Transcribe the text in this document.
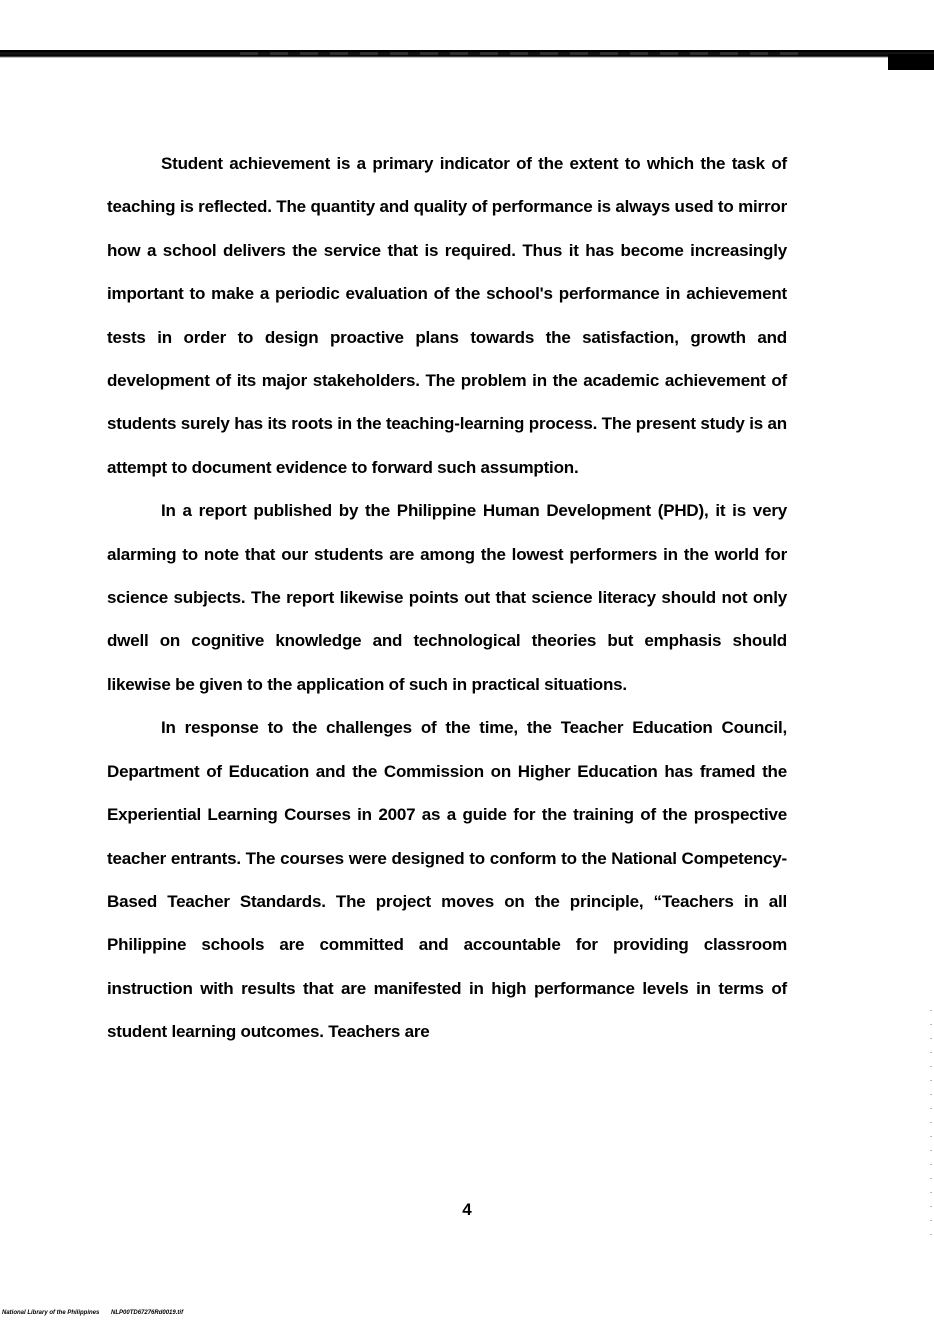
Student achievement is a primary indicator of the extent to which the task of teaching is reflected. The quantity and quality of performance is always used to mirror how a school delivers the service that is required. Thus it has become increasingly important to make a periodic evaluation of the school's performance in achievement tests in order to design proactive plans towards the satisfaction, growth and development of its major stakeholders. The problem in the academic achievement of students surely has its roots in the teaching-learning process. The present study is an attempt to document evidence to forward such assumption.

In a report published by the Philippine Human Development (PHD), it is very alarming to note that our students are among the lowest performers in the world for science subjects. The report likewise points out that science literacy should not only dwell on cognitive knowledge and technological theories but emphasis should likewise be given to the application of such in practical situations.

In response to the challenges of the time, the Teacher Education Council, Department of Education and the Commission on Higher Education has framed the Experiential Learning Courses in 2007 as a guide for the training of the prospective teacher entrants. The courses were designed to conform to the National Competency-Based Teacher Standards. The project moves on the principle, “Teachers in all Philippine schools are committed and accountable for providing classroom instruction with results that are manifested in high performance levels in terms of student learning outcomes. Teachers are

4
National Library of the Philippines NLP00TD67276Rd0019.tif
